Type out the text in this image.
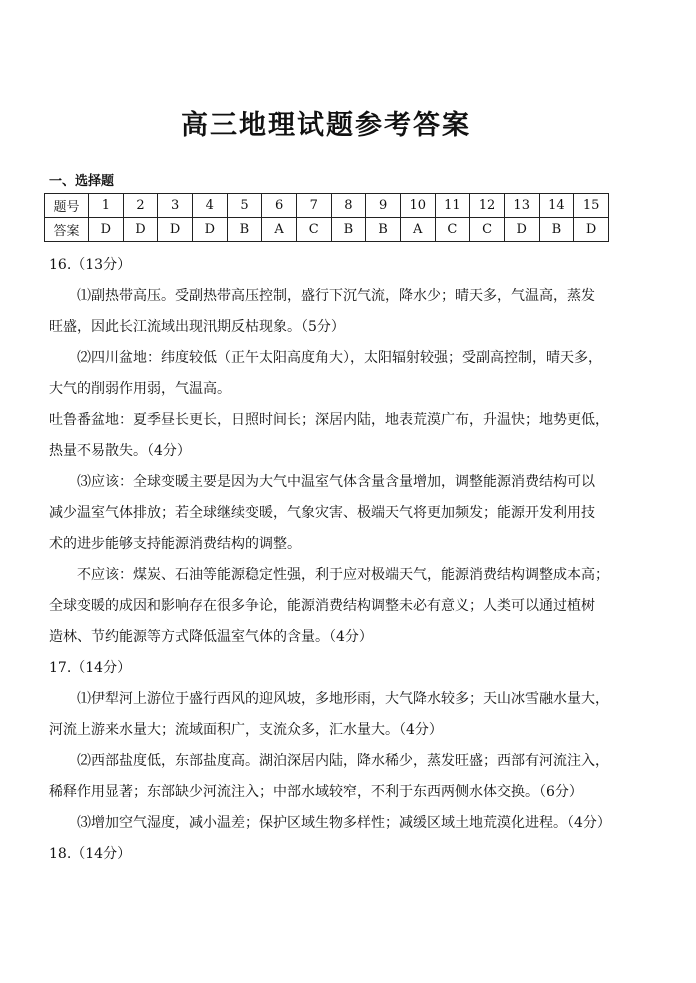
高三地理试题参考答案
一、选择题
题号	1	2	3	4	5	6	7	8	9	10	11	12	13	14	15
答案	D	D	D	D	B	A	C	B	B	A	C	C	D	B	D

16.（13分）

⑴副热带高压。受副热带高压控制，盛行下沉气流，降水少；晴天多，气温高，蒸发

旺盛，因此长江流域出现汛期反枯现象。（5分）

⑵四川盆地：纬度较低（正午太阳高度角大），太阳辐射较强；受副高控制，晴天多，

大气的削弱作用弱，气温高。

吐鲁番盆地：夏季昼长更长，日照时间长；深居内陆，地表荒漠广布，升温快；地势更低，

热量不易散失。（4分）

⑶应该：全球变暖主要是因为大气中温室气体含量含量增加，调整能源消费结构可以

减少温室气体排放；若全球继续变暖，气象灾害、极端天气将更加频发；能源开发利用技

术的进步能够支持能源消费结构的调整。

不应该：煤炭、石油等能源稳定性强，利于应对极端天气，能源消费结构调整成本高；

全球变暖的成因和影响存在很多争论，能源消费结构调整未必有意义；人类可以通过植树

造林、节约能源等方式降低温室气体的含量。（4分）

17.（14分）

⑴伊犁河上游位于盛行西风的迎风坡，多地形雨，大气降水较多；天山冰雪融水量大，

河流上游来水量大；流域面积广，支流众多，汇水量大。（4分）

⑵西部盐度低，东部盐度高。湖泊深居内陆，降水稀少，蒸发旺盛；西部有河流注入，

稀释作用显著；东部缺少河流注入；中部水域较窄，不利于东西两侧水体交换。（6分）

⑶增加空气湿度，减小温差；保护区域生物多样性；减缓区域土地荒漠化进程。（4分）

18.（14分）
